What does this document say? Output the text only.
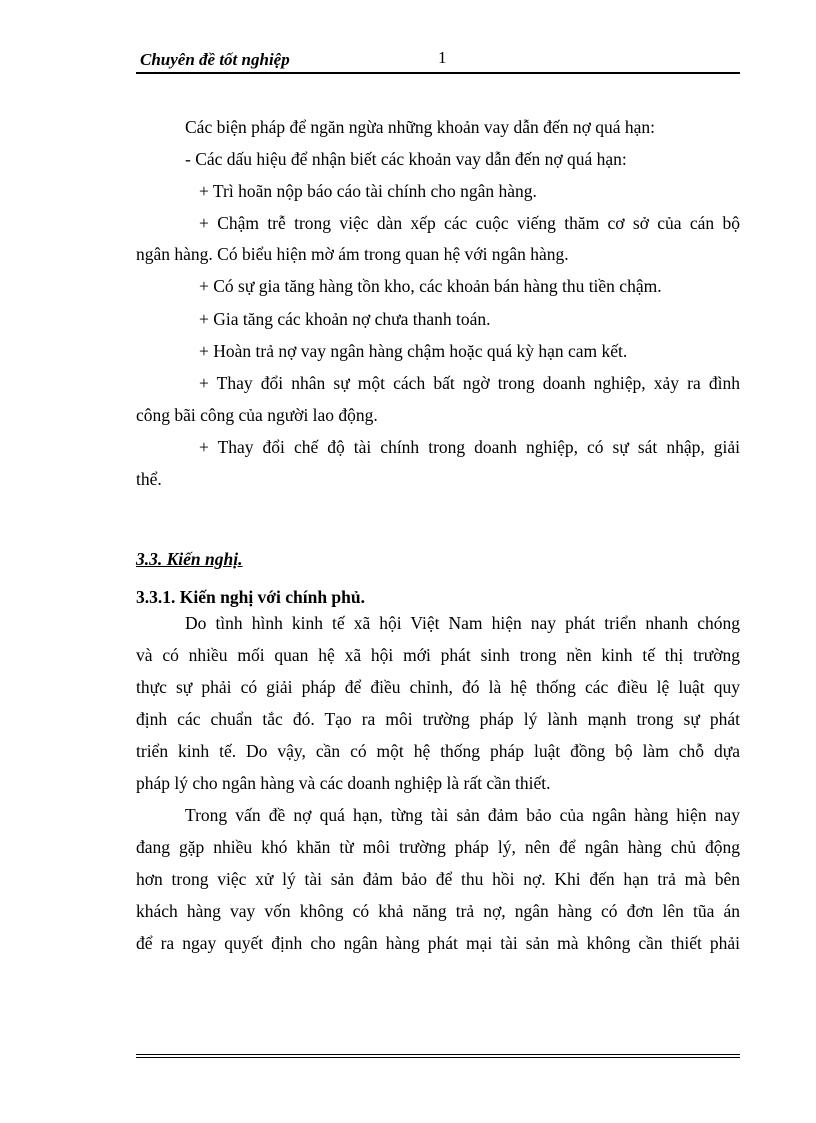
Chuyên đề tốt nghiệp	1
Các biện pháp để ngăn ngừa những khoản vay dẫn đến nợ quá hạn:
- Các dấu hiệu để nhận biết các khoản vay dẫn đến nợ quá hạn:
+ Trì hoãn nộp báo cáo tài chính cho ngân hàng.
+ Chậm trễ trong việc dàn xếp các cuộc viếng thăm cơ sở của cán bộ
ngân hàng. Có biểu hiện mờ ám trong quan hệ với ngân hàng.
+ Có sự gia tăng hàng tồn kho, các khoản bán hàng thu tiền chậm.
+ Gia tăng các khoản nợ chưa thanh toán.
+ Hoàn trả nợ vay ngân hàng chậm hoặc quá kỳ hạn cam kết.
+ Thay đổi nhân sự một cách bất ngờ trong doanh nghiệp, xảy ra đình
công bãi công của người lao động.
+ Thay đổi chế độ tài chính trong doanh nghiệp, có sự sát nhập, giải
thể.
3.3. Kiến nghị.
3.3.1. Kiến nghị với chính phủ.
Do tình hình kinh tế xã hội Việt Nam hiện nay phát triển nhanh chóng
và có nhiều mối quan hệ xã hội mới phát sinh trong nền kinh tế thị trường
thực sự phải có giải pháp để điều chỉnh, đó là hệ thống các điều lệ luật quy
định các chuẩn tắc đó. Tạo ra môi trường pháp lý lành mạnh trong sự phát
triển kinh tế. Do vậy, cần có một hệ thống pháp luật đồng bộ làm chỗ dựa
pháp lý cho ngân hàng và các doanh nghiệp là rất cần thiết.
Trong vấn đề nợ quá hạn, từng tài sản đảm bảo của ngân hàng hiện nay
đang gặp nhiều khó khăn từ môi trường pháp lý, nên để ngân hàng chủ động
hơn trong việc xử lý tài sản đảm bảo để thu hồi nợ. Khi đến hạn trả mà bên
khách hàng vay vốn không có khả năng trả nợ, ngân hàng có đơn lên tũa án
để ra ngay quyết định cho ngân hàng phát mại tài sản mà không cần thiết phải
